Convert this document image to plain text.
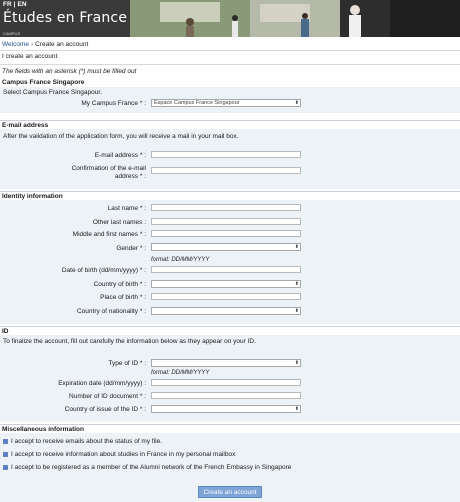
FR | EN
Études en France
CAMPUS
Welcome › Create an account
I create an account
The fields with an asterisk (*) must be filled out
Campus France Singapore
Select Campus France Singapour.
My Campus France * :	Espace Campus France Singapour	⬍
E-mail address
After the validation of the application form, you will receive a mail in your mail box.
E-mail address * :
Confirmation of the e-mail
address * :
Identity information
Last name * :
Other last names :
Middle and first names * :
Gender * :	⬍
format: DD/MM/YYYY
Date of birth (dd/mm/yyyy) * :
Country of birth * :	⬍
Place of birth * :
Country of nationality * :	⬍
ID
To finalize the account, fill out carefully the information below as they appear on your ID.
Type of ID * :	⬍
format: DD/MM/YYYY
Expiration date (dd/mm/yyyy) :
Number of ID document * :
Country of issue of the ID * :	⬍
Miscellaneous information
I accept to receive emails about the status of my file.
I accept to receive information about studies in France in my personal mailbox
I accept to be registered as a member of the Alumni network of the French Embassy in Singapore
Create an account
